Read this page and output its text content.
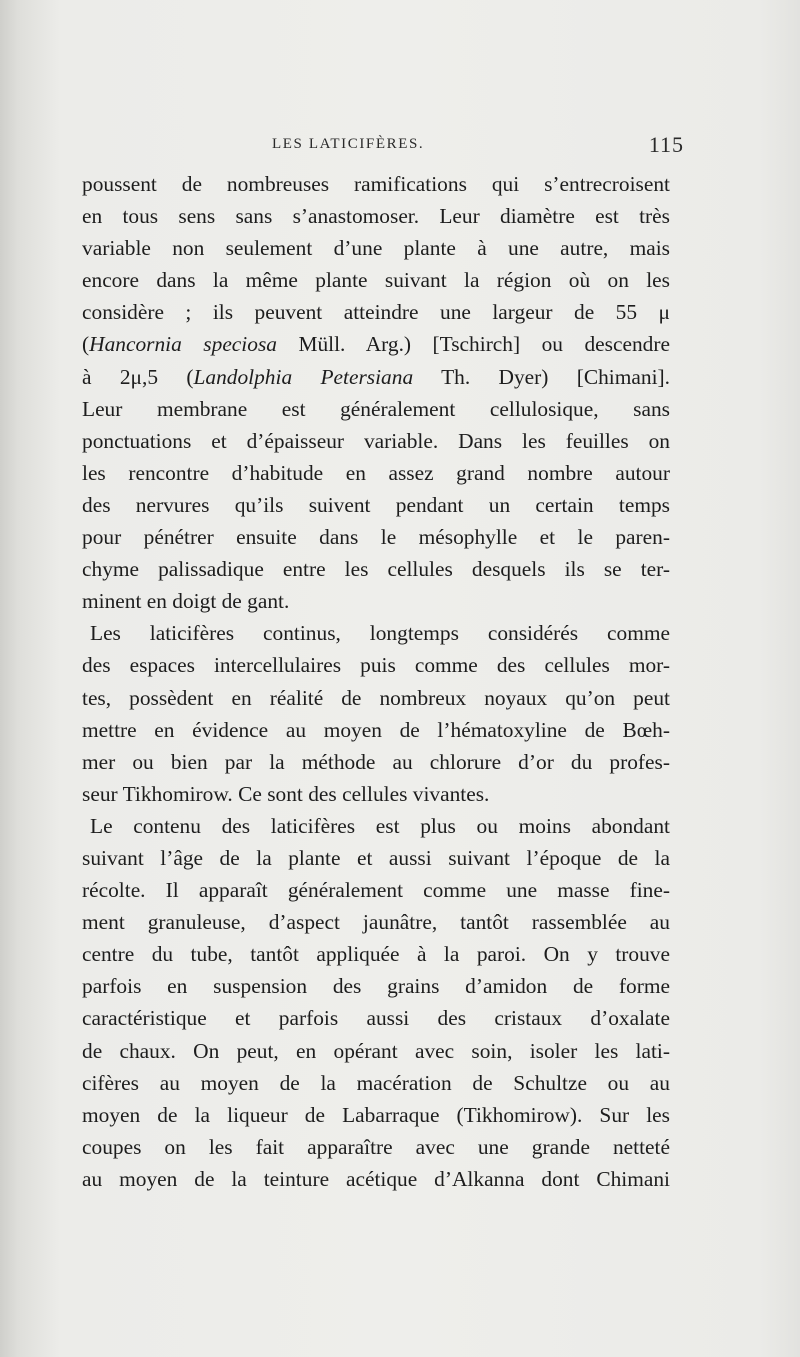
LES LATICIFÈRES.	115
poussent de nombreuses ramifications qui s’entrecroisent
en tous sens sans s’anastomoser. Leur diamètre est très
variable non seulement d’une plante à une autre, mais
encore dans la même plante suivant la région où on les
considère ; ils peuvent atteindre une largeur de 55 μ
(Hancornia speciosa Müll. Arg.) [Tschirch] ou descendre
à 2μ,5 (Landolphia Petersiana Th. Dyer) [Chimani].
Leur membrane est généralement cellulosique, sans
ponctuations et d’épaisseur variable. Dans les feuilles on
les rencontre d’habitude en assez grand nombre autour
des nervures qu’ils suivent pendant un certain temps
pour pénétrer ensuite dans le mésophylle et le paren-
chyme palissadique entre les cellules desquels ils se ter-
minent en doigt de gant.
Les laticifères continus, longtemps considérés comme
des espaces intercellulaires puis comme des cellules mor-
tes, possèdent en réalité de nombreux noyaux qu’on peut
mettre en évidence au moyen de l’hématoxyline de Bœh-
mer ou bien par la méthode au chlorure d’or du profes-
seur Tikhomirow. Ce sont des cellules vivantes.
Le contenu des laticifères est plus ou moins abondant
suivant l’âge de la plante et aussi suivant l’époque de la
récolte. Il apparaît généralement comme une masse fine-
ment granuleuse, d’aspect jaunâtre, tantôt rassemblée au
centre du tube, tantôt appliquée à la paroi. On y trouve
parfois en suspension des grains d’amidon de forme
caractéristique et parfois aussi des cristaux d’oxalate
de chaux. On peut, en opérant avec soin, isoler les lati-
cifères au moyen de la macération de Schultze ou au
moyen de la liqueur de Labarraque (Tikhomirow). Sur les
coupes on les fait apparaître avec une grande netteté
au moyen de la teinture acétique d’Alkanna dont Chimani
